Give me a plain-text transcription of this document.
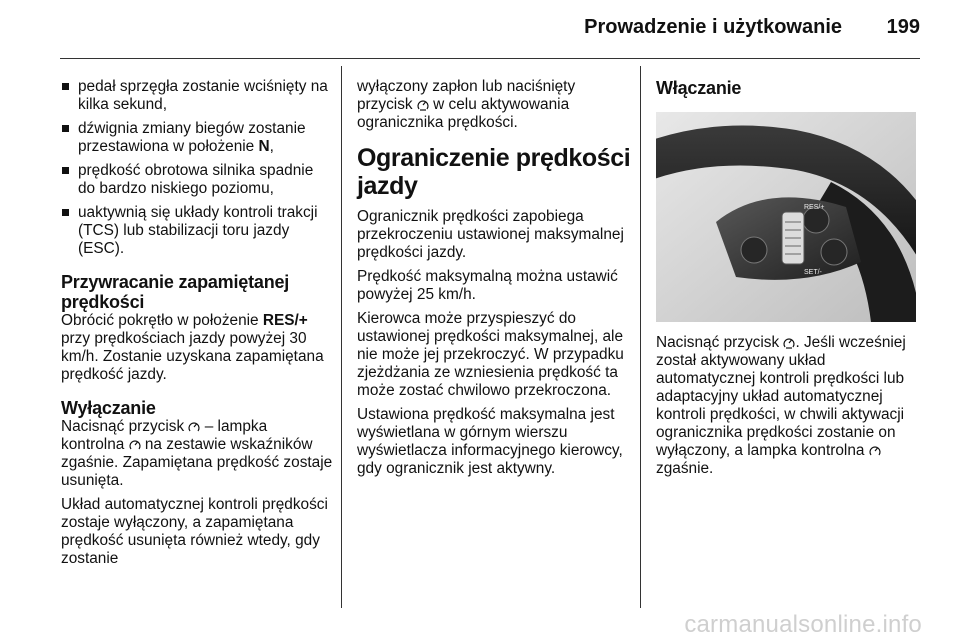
Prowadzenie i użytkowanie 199
pedał sprzęgła zostanie wciśnięty na kilka sekund,
dźwignia zmiany biegów zostanie przestawiona w położenie N,
prędkość obrotowa silnika spadnie do bardzo niskiego poziomu,
uaktywnią się układy kontroli trakcji (TCS) lub stabilizacji toru jazdy (ESC).
Przywracanie zapamiętanej prędkości

Obrócić pokrętło w położenie RES/+ przy prędkościach jazdy powyżej 30 km/h. Zostanie uzyskana zapamiętana prędkość jazdy.

Wyłączanie

Nacisnąć przycisk  – lampka kontrolna  na zestawie wskaźników zgaśnie. Zapamiętana prędkość zostaje usunięta.

Układ automatycznej kontroli prędkości zostaje wyłączony, a zapamiętana prędkość usunięta również wtedy, gdy zostanie

wyłączony zapłon lub naciśnięty przycisk  w celu aktywowania ogranicznika prędkości.

Ograniczenie prędkości jazdy

Ogranicznik prędkości zapobiega przekroczeniu ustawionej maksymalnej prędkości jazdy.

Prędkość maksymalną można ustawić powyżej 25 km/h.

Kierowca może przyspieszyć do ustawionej prędkości maksymalnej, ale nie może jej przekroczyć. W przypadku zjeżdżania ze wzniesienia prędkość ta może zostać chwilowo przekroczona.

Ustawiona prędkość maksymalna jest wyświetlana w górnym wierszu wyświetlacza informacyjnego kierowcy, gdy ogranicznik jest aktywny.

Włączanie
RES/+
SET/-

Nacisnąć przycisk . Jeśli wcześniej został aktywowany układ automatycznej kontroli prędkości lub adaptacyjny układ automatycznej kontroli prędkości, w chwili aktywacji ogranicznika prędkości zostanie on wyłączony, a lampka kontrolna  zgaśnie.

carmanualsonline.info
